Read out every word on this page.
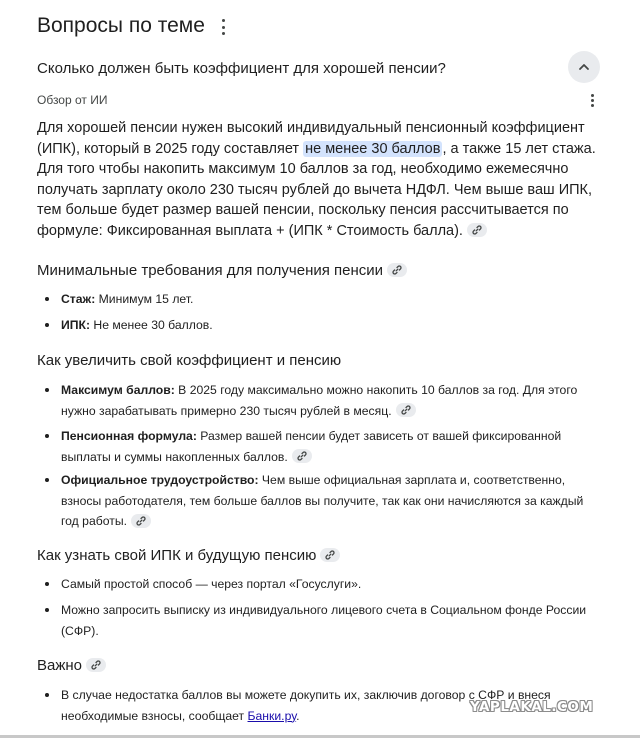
Вопросы по теме
Сколько должен быть коэффициент для хорошей пенсии?
Обзор от ИИ
Для хорошей пенсии нужен высокий индивидуальный пенсионный коэффициент (ИПК), который в 2025 году составляет не менее 30 баллов , а также 15 лет стажа. Для того чтобы накопить максимум 10 баллов за год, необходимо ежемесячно получать зарплату около 230 тысяч рублей до вычета НДФЛ. Чем выше ваш ИПК, тем больше будет размер вашей пенсии, поскольку пенсия рассчитывается по формуле: Фиксированная выплата + (ИПК * Стоимость балла).
Минимальные требования для получения пенсии
Стаж: Минимум 15 лет.
ИПК: Не менее 30 баллов.
Как увеличить свой коэффициент и пенсию
Максимум баллов: В 2025 году максимально можно накопить 10 баллов за год. Для этого нужно зарабатывать примерно 230 тысяч рублей в месяц.
Пенсионная формула: Размер вашей пенсии будет зависеть от вашей фиксированной выплаты и суммы накопленных баллов.
Официальное трудоустройство: Чем выше официальная зарплата и, соответственно, взносы работодателя, тем больше баллов вы получите, так как они начисляются за каждый год работы.
Как узнать свой ИПК и будущую пенсию
Самый простой способ — через портал «Госуслуги».
Можно запросить выписку из индивидуального лицевого счета в Социальном фонде России (СФР).
Важно
В случае недостатка баллов вы можете докупить их, заключив договор с СФР и внеся необходимые взносы, сообщает Банки.ру.
YAPLAKAL.COM
